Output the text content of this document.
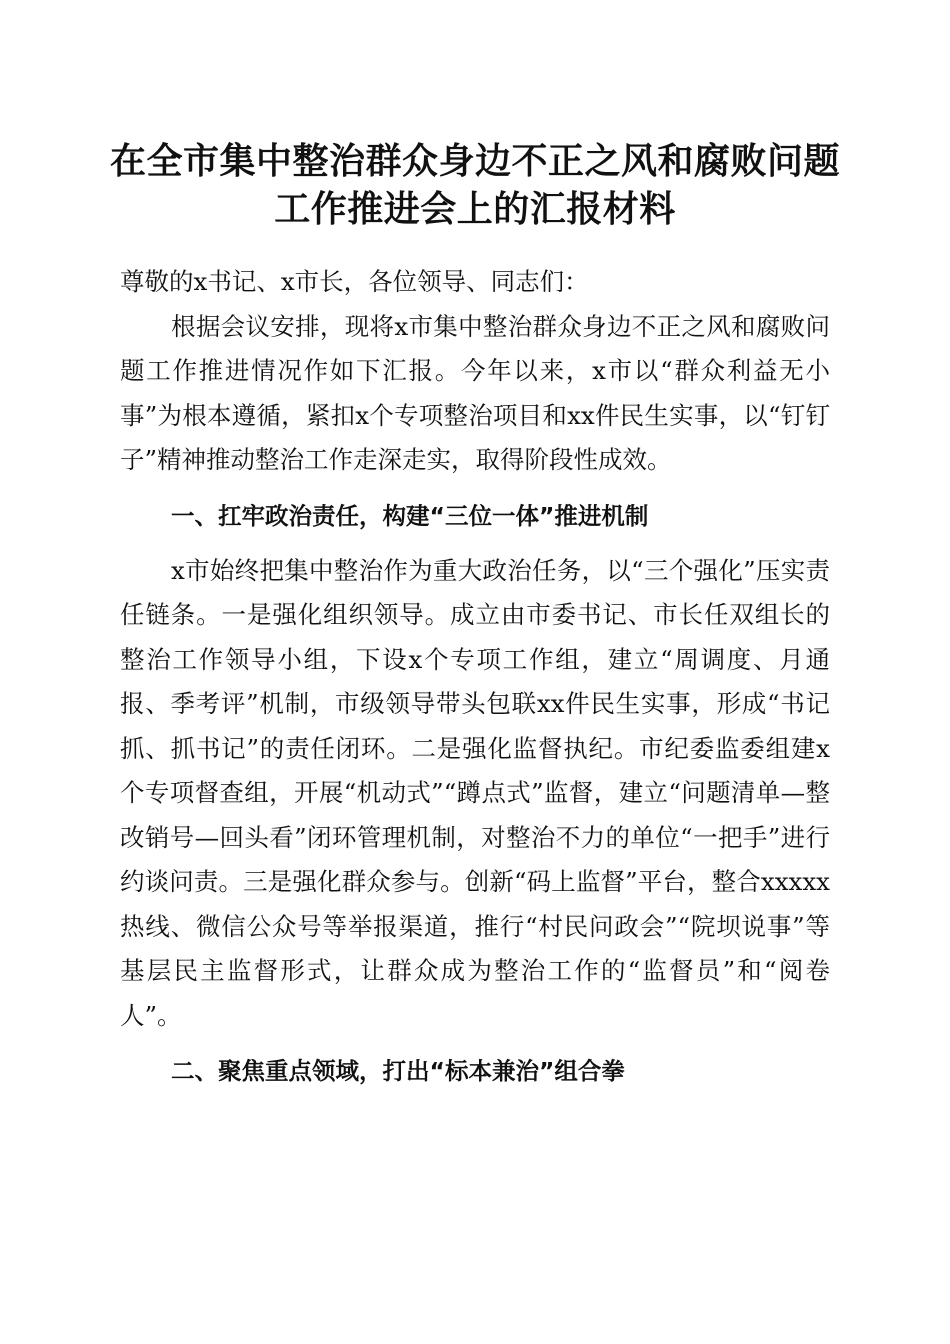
在全市集中整治群众身边不正之风和腐败问题
工作推进会上的汇报材料

尊敬的x书记、x市长，各位领导、同志们：

根据会议安排，现将x市集中整治群众身边不正之风和腐败问题工作推进情况作如下汇报。今年以来，x市以“群众利益无小事”为根本遵循，紧扣x个专项整治项目和xx件民生实事，以“钉钉子”精神推动整治工作走深走实，取得阶段性成效。

一、扛牢政治责任，构建“三位一体”推进机制

x市始终把集中整治作为重大政治任务，以“三个强化”压实责任链条。一是强化组织领导。成立由市委书记、市长任双组长的整治工作领导小组，下设x个专项工作组，建立“周调度、月通报、季考评”机制，市级领导带头包联xx件民生实事，形成“书记抓、抓书记”的责任闭环。二是强化监督执纪。市纪委监委组建x个专项督查组，开展“机动式”“蹲点式”监督，建立“问题清单—整改销号—回头看”闭环管理机制，对整治不力的单位“一把手”进行约谈问责。三是强化群众参与。创新“码上监督”平台，整合xxxxx热线、微信公众号等举报渠道，推行“村民问政会”“院坝说事”等基层民主监督形式，让群众成为整治工作的“监督员”和“阅卷人”。

二、聚焦重点领域，打出“标本兼治”组合拳
